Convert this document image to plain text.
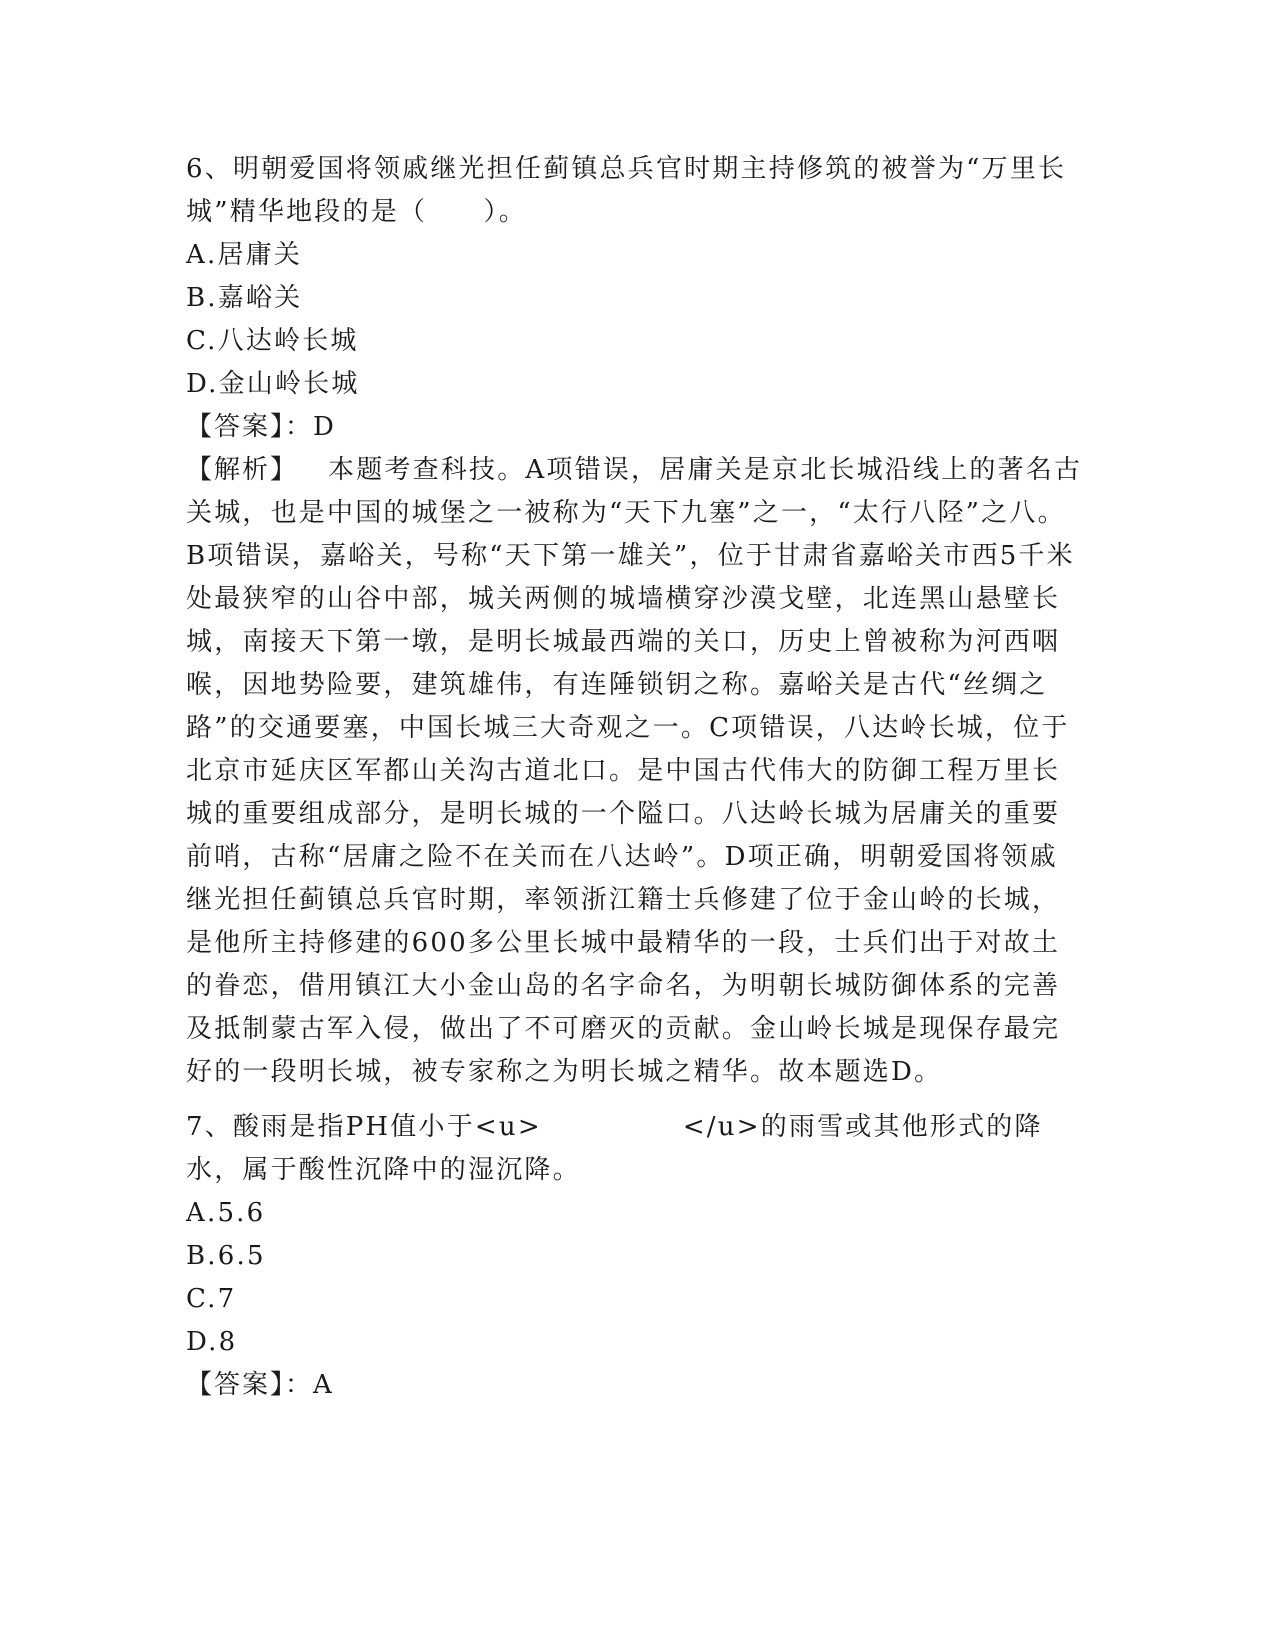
6、明朝爱国将领戚继光担任蓟镇总兵官时期主持修筑的被誉为“万里长城”精华地段的是（　　）。

A.居庸关

B.嘉峪关

C.八达岭长城

D.金山岭长城

【答案】：D

【解析】 本题考查科技。A项错误，居庸关是京北长城沿线上的著名古关城，也是中国的城堡之一被称为“天下九塞”之一，“太行八陉”之八。B项错误，嘉峪关，号称“天下第一雄关”，位于甘肃省嘉峪关市西5千米处最狭窄的山谷中部，城关两侧的城墙横穿沙漠戈壁，北连黑山悬壁长城，南接天下第一墩，是明长城最西端的关口，历史上曾被称为河西咽喉，因地势险要，建筑雄伟，有连陲锁钥之称。嘉峪关是古代“丝绸之路”的交通要塞，中国长城三大奇观之一。C项错误，八达岭长城，位于北京市延庆区军都山关沟古道北口。是中国古代伟大的防御工程万里长城的重要组成部分，是明长城的一个隘口。八达岭长城为居庸关的重要前哨，古称“居庸之险不在关而在八达岭”。D项正确，明朝爱国将领戚继光担任蓟镇总兵官时期，率领浙江籍士兵修建了位于金山岭的长城，是他所主持修建的600多公里长城中最精华的一段，士兵们出于对故土的眷恋，借用镇江大小金山岛的名字命名，为明朝长城防御体系的完善及抵制蒙古军入侵，做出了不可磨灭的贡献。金山岭长城是现保存最完好的一段明长城，被专家称之为明长城之精华。故本题选D。

7、酸雨是指PH值小于<u>　　　　　</u>的雨雪或其他形式的降水，属于酸性沉降中的湿沉降。

A.5.6

B.6.5

C.7

D.8

【答案】：A
